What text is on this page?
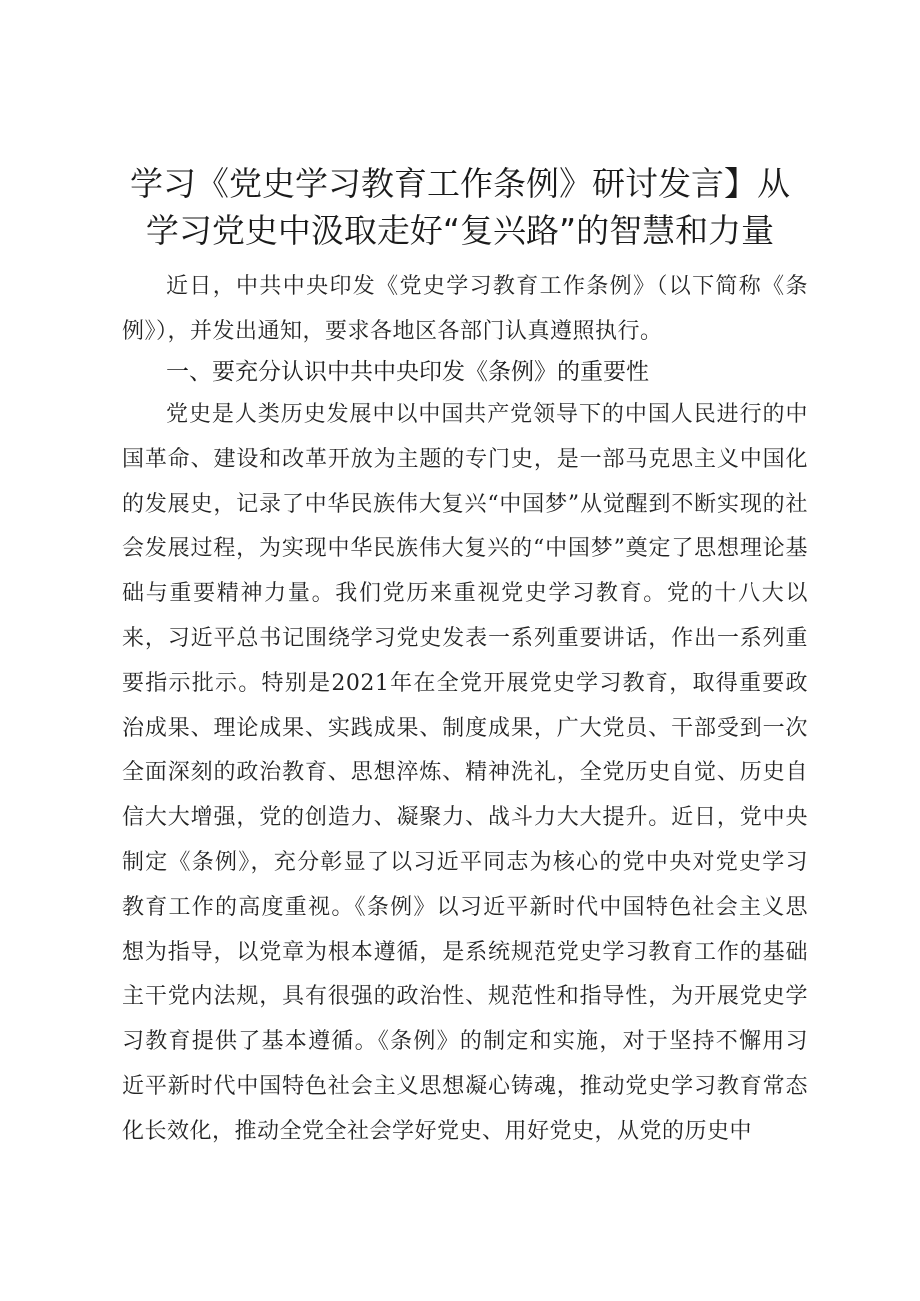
学习《党史学习教育工作条例》研讨发言】从
学习党史中汲取走好“复兴路”的智慧和力量

近日，中共中央印发《党史学习教育工作条例》（以下简称《条例》），并发出通知，要求各地区各部门认真遵照执行。

一、要充分认识中共中央印发《条例》的重要性

党史是人类历史发展中以中国共产党领导下的中国人民进行的中国革命、建设和改革开放为主题的专门史，是一部马克思主义中国化的发展史，记录了中华民族伟大复兴“中国梦”从觉醒到不断实现的社会发展过程，为实现中华民族伟大复兴的“中国梦”奠定了思想理论基础与重要精神力量。我们党历来重视党史学习教育。党的十八大以来，习近平总书记围绕学习党史发表一系列重要讲话，作出一系列重要指示批示。特别是2021年在全党开展党史学习教育，取得重要政治成果、理论成果、实践成果、制度成果，广大党员、干部受到一次全面深刻的政治教育、思想淬炼、精神洗礼，全党历史自觉、历史自信大大增强，党的创造力、凝聚力、战斗力大大提升。近日，党中央制定《条例》，充分彰显了以习近平同志为核心的党中央对党史学习教育工作的高度重视。《条例》以习近平新时代中国特色社会主义思想为指导，以党章为根本遵循，是系统规范党史学习教育工作的基础主干党内法规，具有很强的政治性、规范性和指导性，为开展党史学习教育提供了基本遵循。《条例》的制定和实施，对于坚持不懈用习近平新时代中国特色社会主义思想凝心铸魂，推动党史学习教育常态化长效化，推动全党全社会学好党史、用好党史，从党的历史中
